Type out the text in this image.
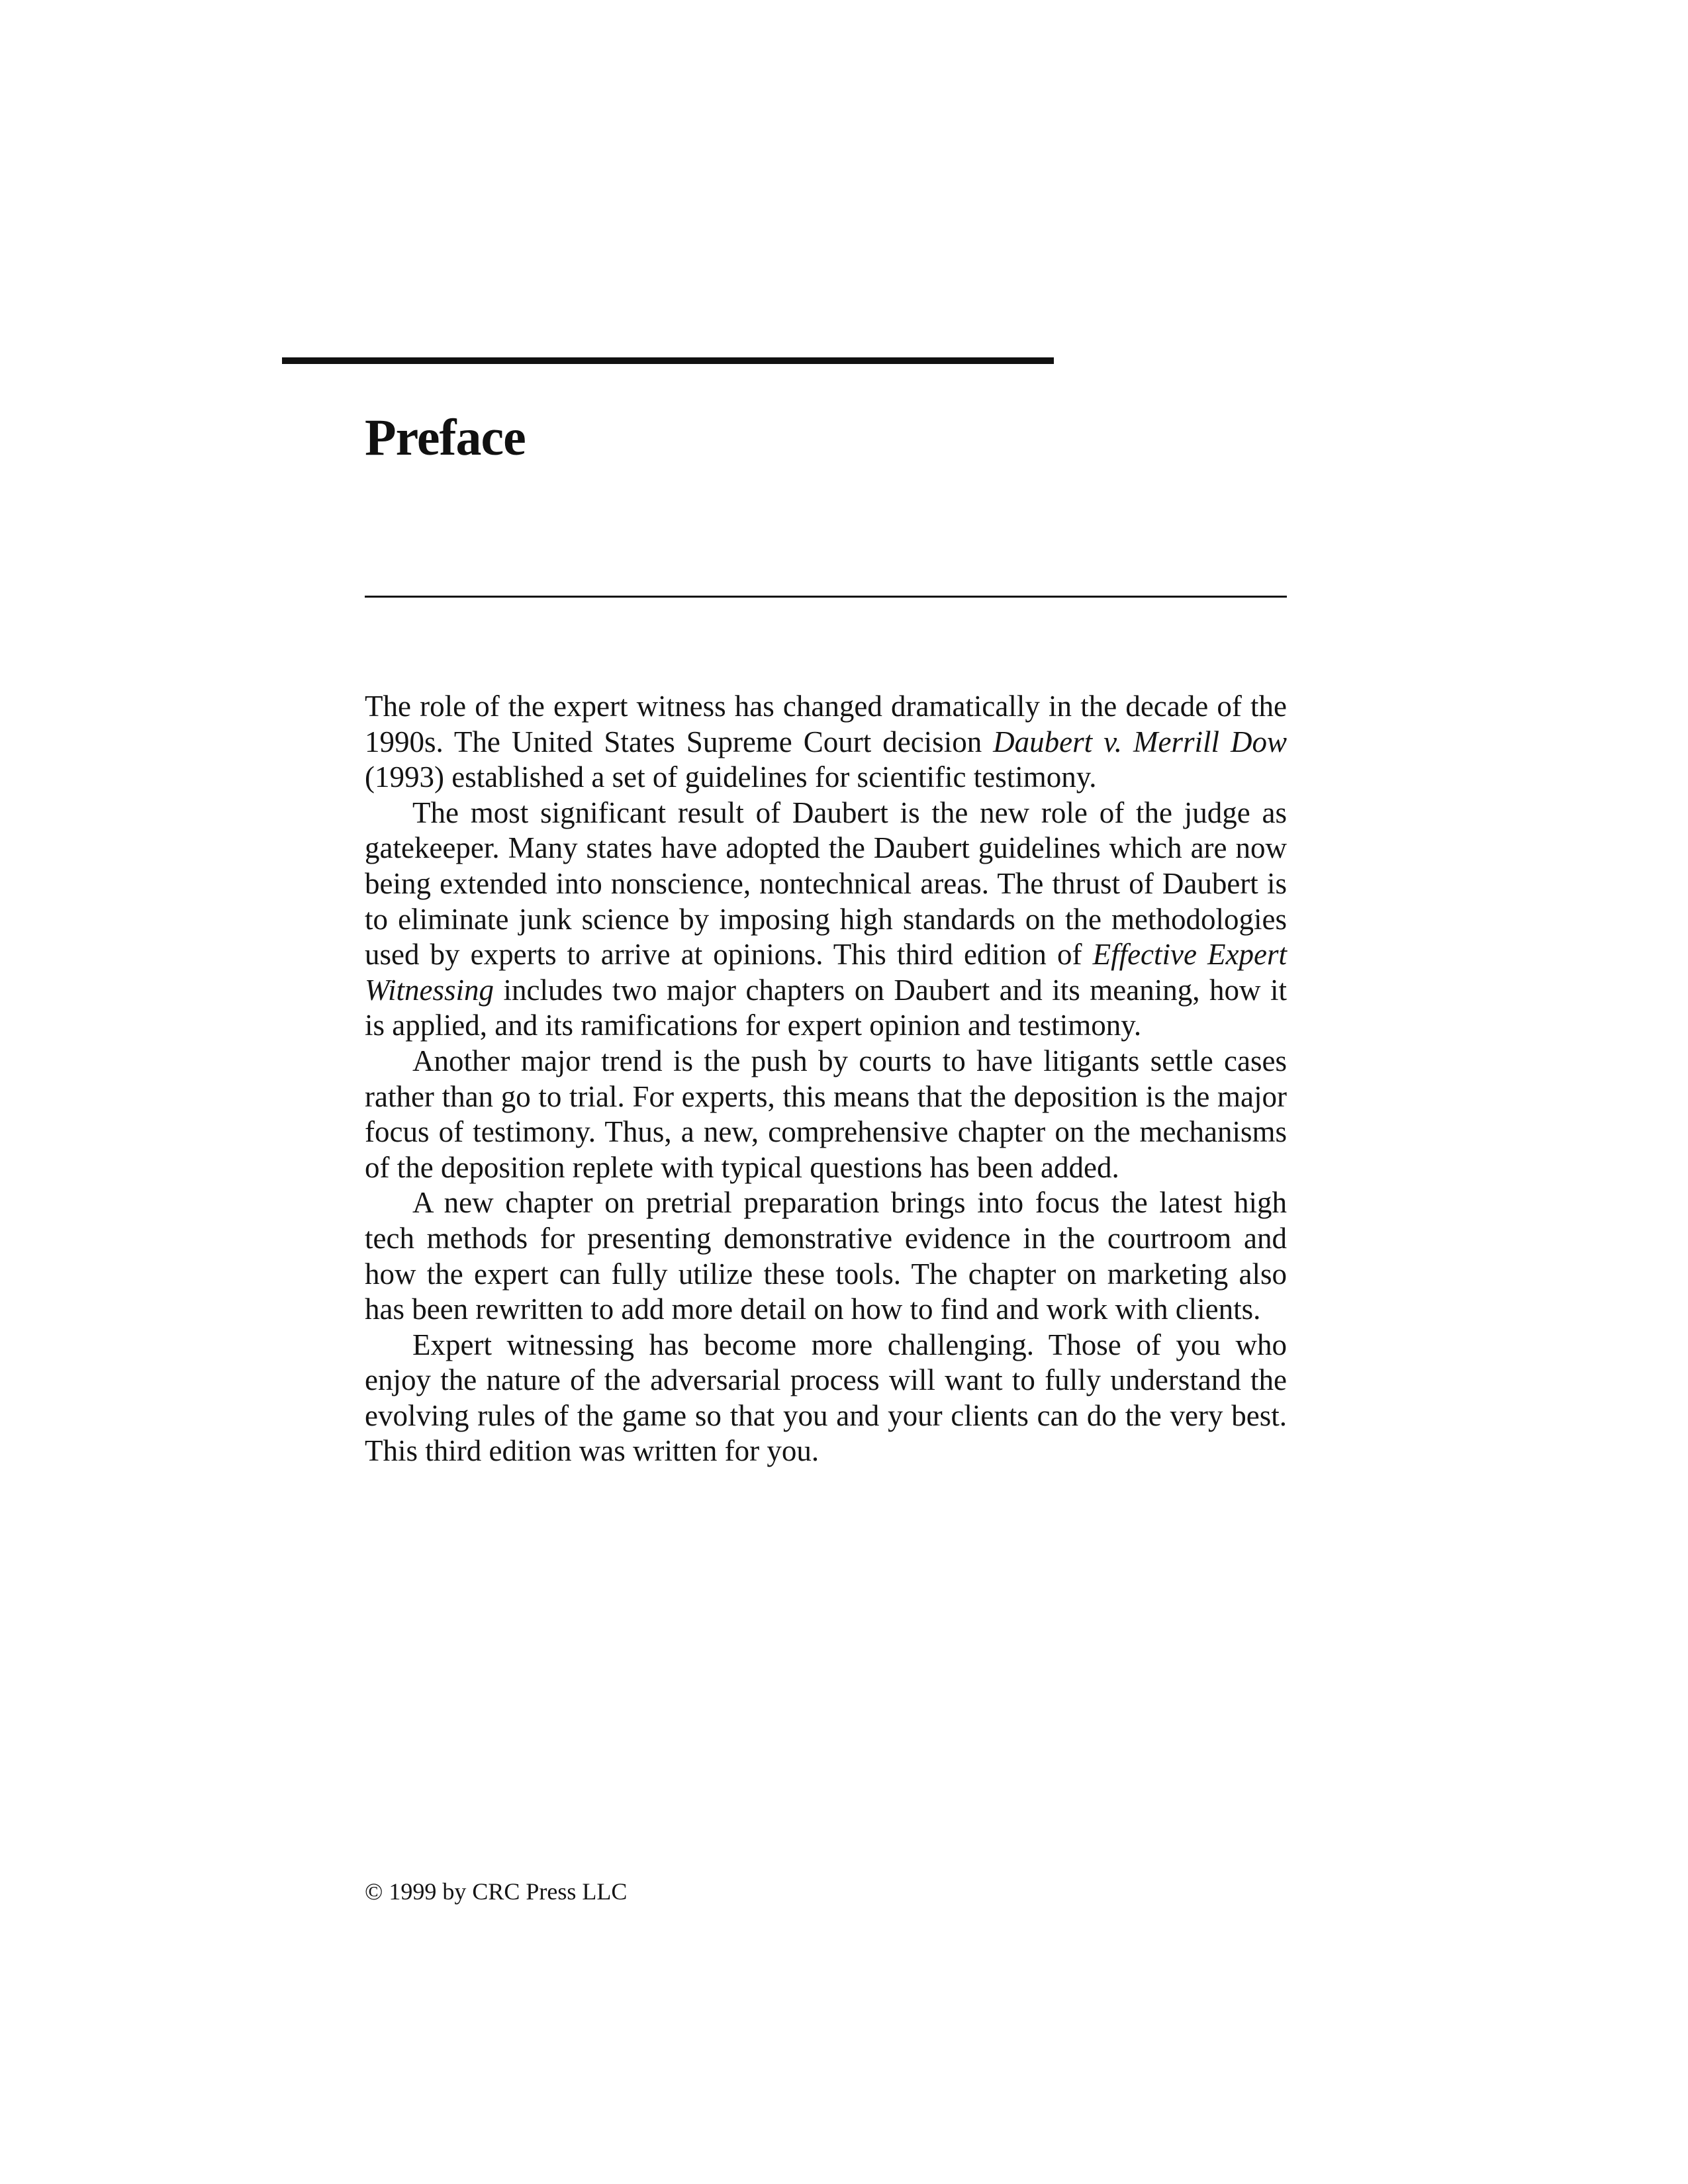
Preface

The role of the expert witness has changed dramatically in the decade of the 1990s. The United States Supreme Court decision Daubert v. Merrill Dow (1993) established a set of guidelines for scientific testimony.

The most significant result of Daubert is the new role of the judge as gatekeeper. Many states have adopted the Daubert guidelines which are now being extended into nonscience, nontechnical areas. The thrust of Daubert is to eliminate junk science by imposing high standards on the methodologies used by experts to arrive at opinions. This third edition of Effective Expert Witnessing includes two major chapters on Daubert and its meaning, how it is applied, and its ramifications for expert opinion and testimony.

Another major trend is the push by courts to have litigants settle cases rather than go to trial. For experts, this means that the deposition is the major focus of testimony. Thus, a new, comprehensive chapter on the mechanisms of the deposition replete with typical questions has been added.

A new chapter on pretrial preparation brings into focus the latest high tech methods for presenting demonstrative evidence in the courtroom and how the expert can fully utilize these tools. The chapter on marketing also has been rewritten to add more detail on how to find and work with clients.

Expert witnessing has become more challenging. Those of you who enjoy the nature of the adversarial process will want to fully understand the evolving rules of the game so that you and your clients can do the very best. This third edition was written for you.

© 1999 by CRC Press LLC
